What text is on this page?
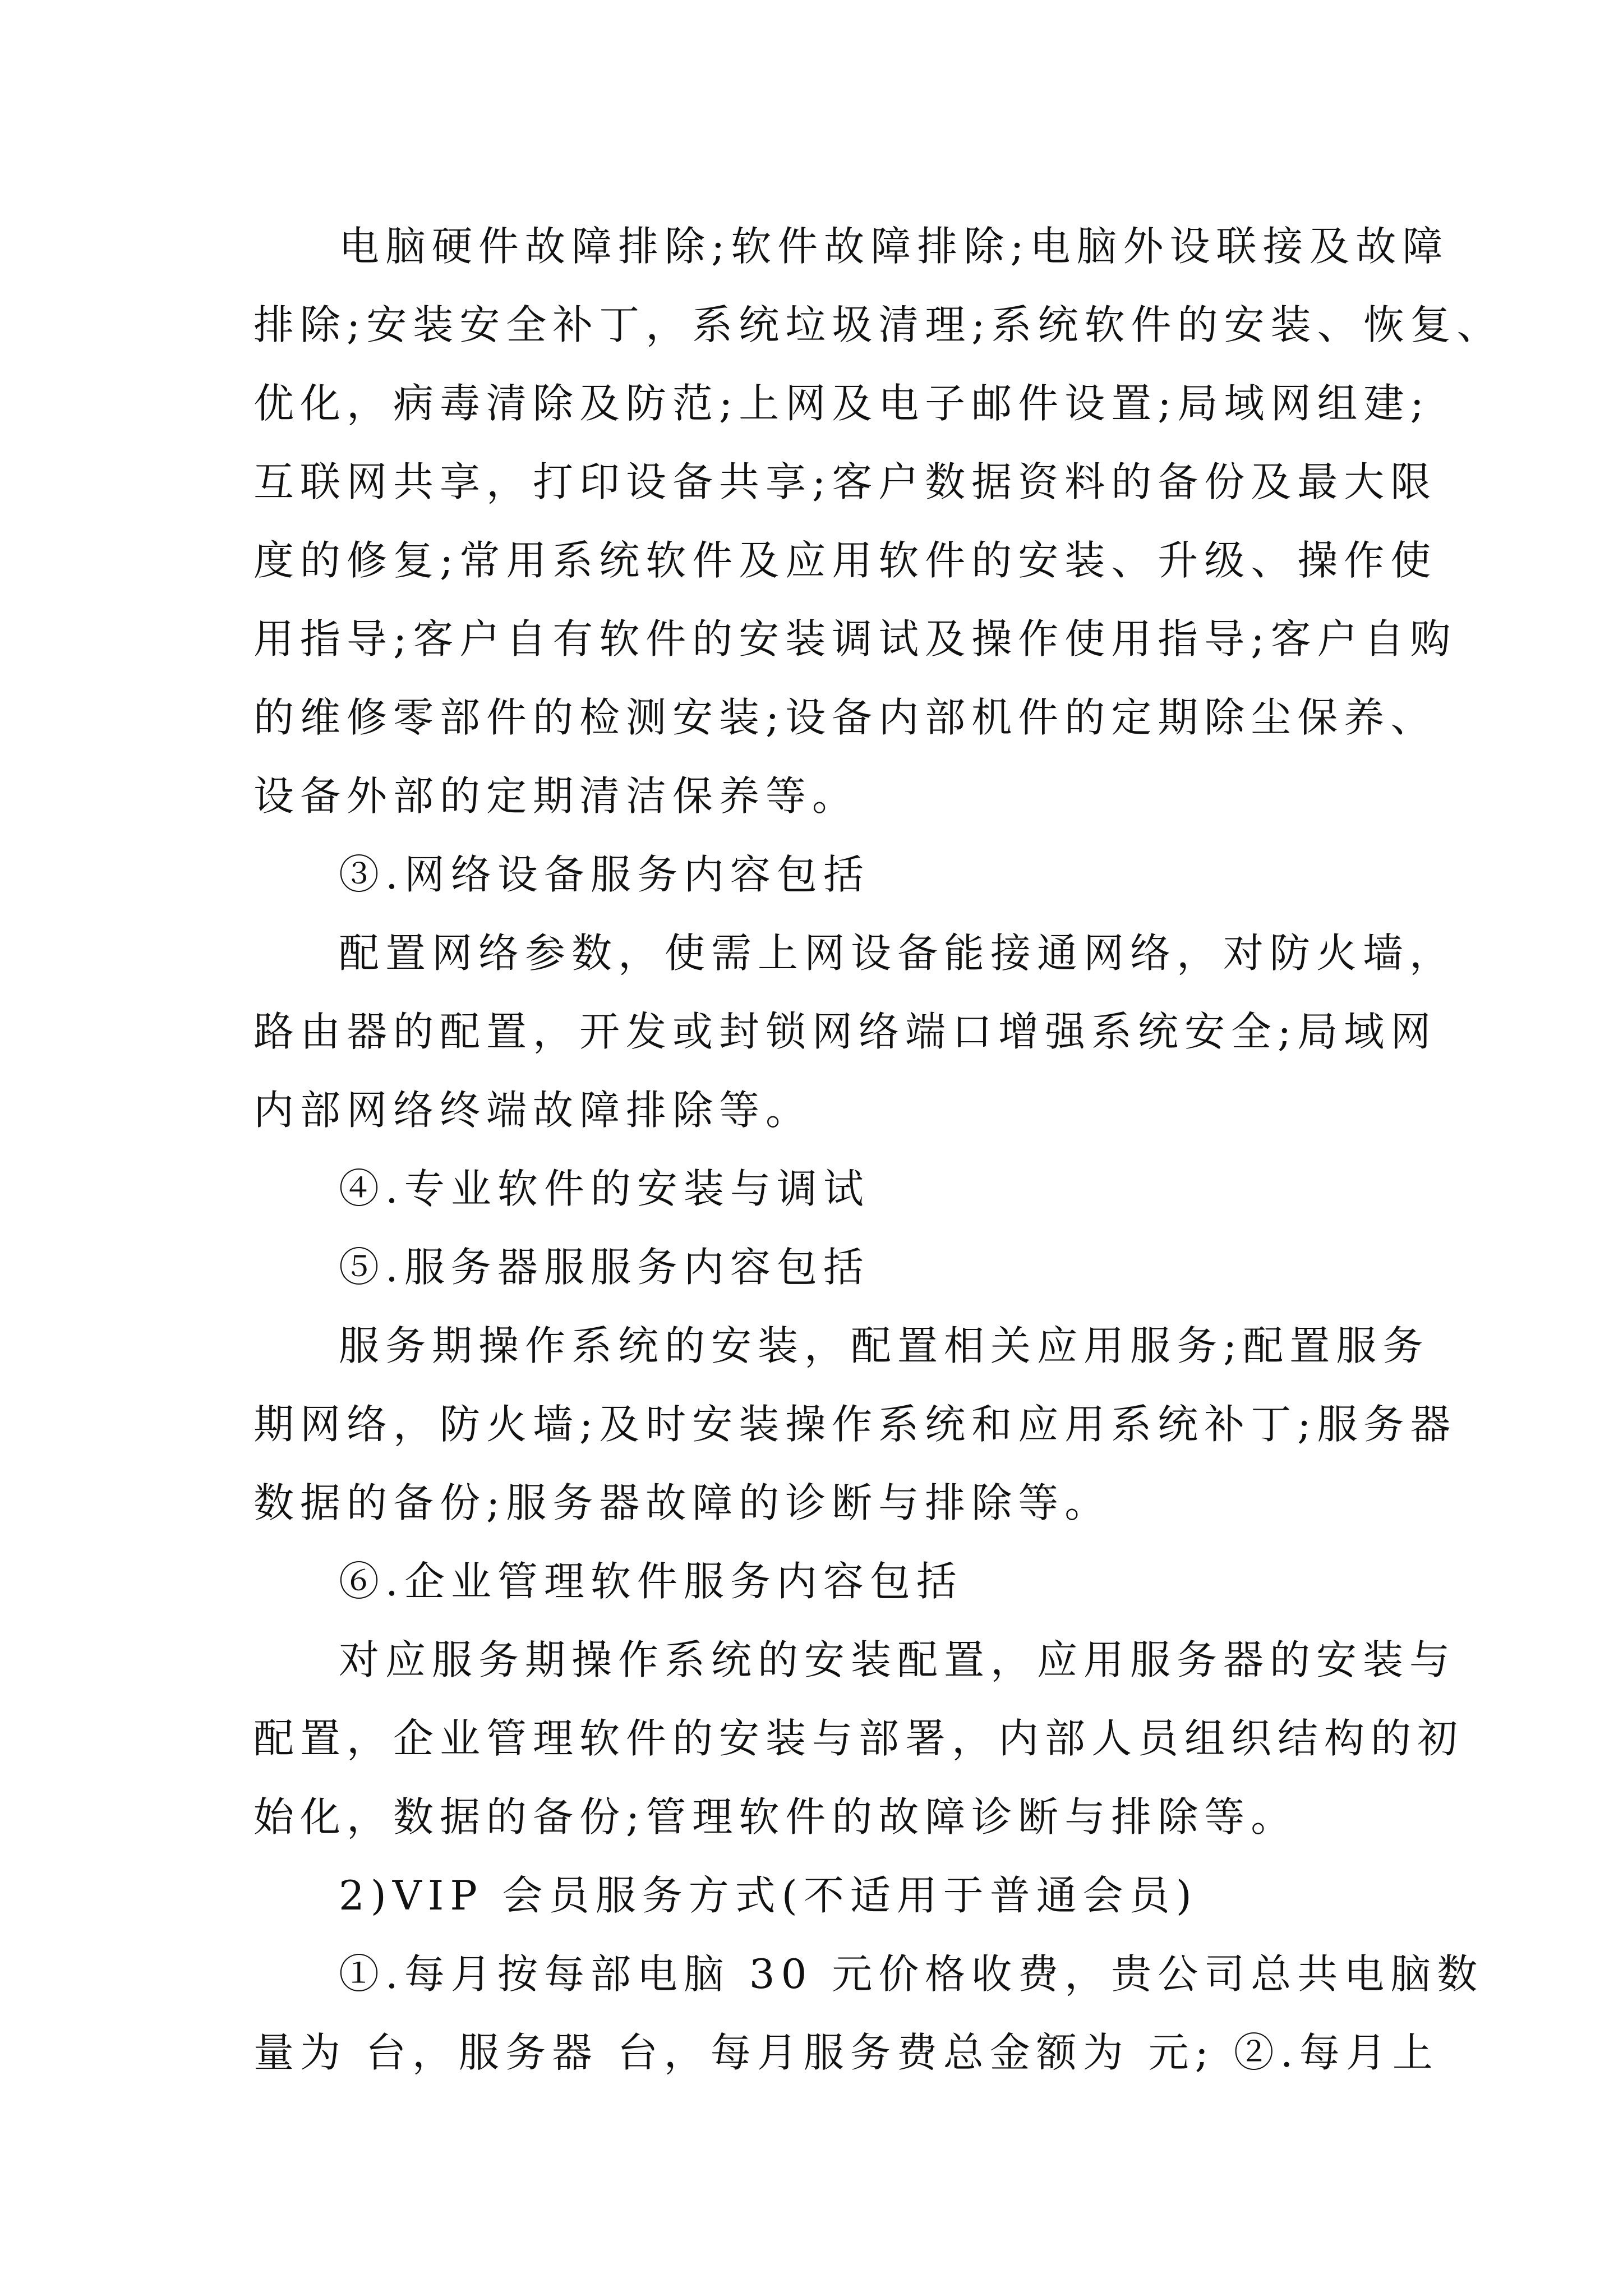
电脑硬件故障排除;软件故障排除;电脑外设联接及故障

排除;安装安全补丁，系统垃圾清理;系统软件的安装、恢复、

优化，病毒清除及防范;上网及电子邮件设置;局域网组建;

互联网共享，打印设备共享;客户数据资料的备份及最大限

度的修复;常用系统软件及应用软件的安装、升级、操作使

用指导;客户自有软件的安装调试及操作使用指导;客户自购

的维修零部件的检测安装;设备内部机件的定期除尘保养、

设备外部的定期清洁保养等。

③.网络设备服务内容包括

配置网络参数，使需上网设备能接通网络，对防火墙，

路由器的配置，开发或封锁网络端口增强系统安全;局域网

内部网络终端故障排除等。

④.专业软件的安装与调试

⑤.服务器服服务内容包括

服务期操作系统的安装，配置相关应用服务;配置服务

期网络，防火墙;及时安装操作系统和应用系统补丁;服务器

数据的备份;服务器故障的诊断与排除等。

⑥.企业管理软件服务内容包括

对应服务期操作系统的安装配置，应用服务器的安装与

配置，企业管理软件的安装与部署，内部人员组织结构的初

始化，数据的备份;管理软件的故障诊断与排除等。

2)VIP 会员服务方式(不适用于普通会员)

①.每月按每部电脑 30 元价格收费，贵公司总共电脑数

量为 台，服务器 台，每月服务费总金额为 元; ②.每月上
